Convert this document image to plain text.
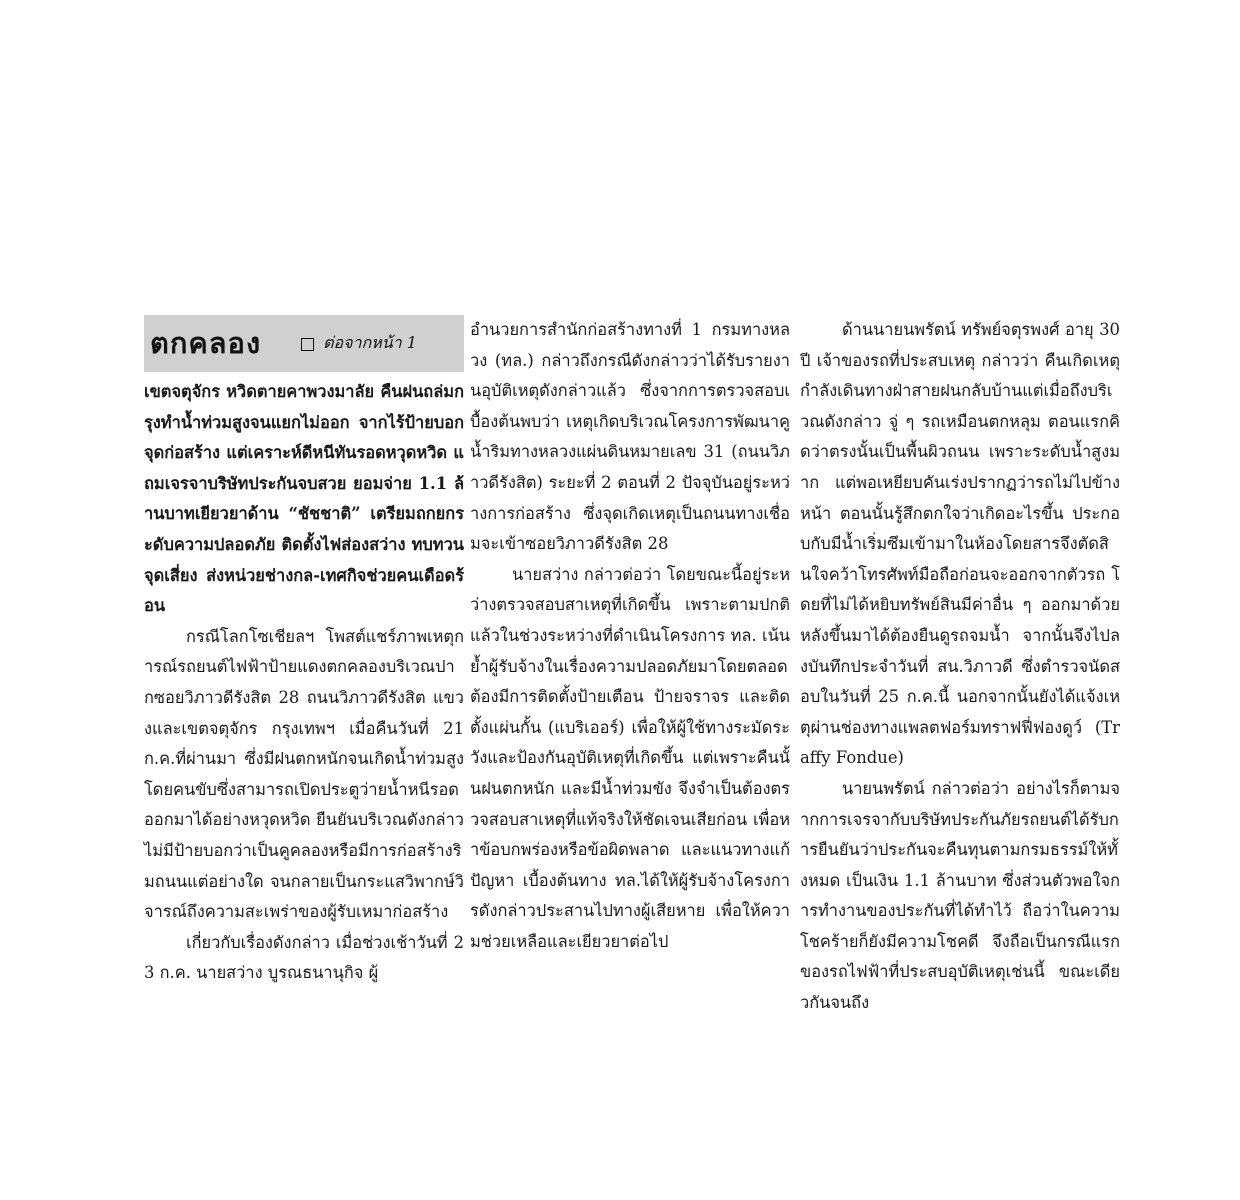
ตกคลอง	ต่อจากหน้า 1

เขตจตุจักร หวิดตายคาพวงมาลัย คืนฝนถล่มกรุงทำน้ำท่วมสูงจนแยกไม่ออก จากไร้ป้ายบอกจุดก่อสร้าง แต่เคราะห์ดีหนีทันรอดหวุดหวิด แถมเจรจาบริษัทประกันจบสวย ยอมจ่าย 1.1 ล้านบาทเยียวยาด้าน “ชัชชาติ” เตรียมถกยกระดับความปลอดภัย ติดตั้งไฟส่องสว่าง ทบทวนจุดเสี่ยง ส่งหน่วยช่างกล-เทศกิจช่วยคนเดือดร้อน

กรณีโลกโซเชียลฯ โพสต์แชร์ภาพเหตุการณ์รถยนต์ไฟฟ้าป้ายแดงตกคลองบริเวณปากซอยวิภาวดีรังสิต 28 ถนนวิภาวดีรังสิต แขวงและเขตจตุจักร กรุงเทพฯ เมื่อคืนวันที่ 21 ก.ค.ที่ผ่านมา ซึ่งมีฝนตกหนักจนเกิดน้ำท่วมสูง โดยคนขับซึ่งสามารถเปิดประตูว่ายน้ำหนีรอดออกมาได้อย่างหวุดหวิด ยืนยันบริเวณดังกล่าวไม่มีป้ายบอกว่าเป็นคูคลองหรือมีการก่อสร้างริมถนนแต่อย่างใด จนกลายเป็นกระแสวิพากษ์วิจารณ์ถึงความสะเพร่าของผู้รับเหมาก่อสร้าง

เกี่ยวกับเรื่องดังกล่าว เมื่อช่วงเช้าวันที่ 23 ก.ค. นายสว่าง บูรณธนานุกิจ ผู้

อำนวยการสำนักก่อสร้างทางที่ 1 กรมทางหลวง (ทล.) กล่าวถึงกรณีดังกล่าวว่าได้รับรายงานอุบัติเหตุดังกล่าวแล้ว ซึ่งจากการตรวจสอบเบื้องต้นพบว่า เหตุเกิดบริเวณโครงการพัฒนาคูน้ำริมทางหลวงแผ่นดินหมายเลข 31 (ถนนวิภาวดีรังสิต) ระยะที่ 2 ตอนที่ 2 ปัจจุบันอยู่ระหว่างการก่อสร้าง ซึ่งจุดเกิดเหตุเป็นถนนทางเชื่อมจะเข้าซอยวิภาวดีรังสิต 28

นายสว่าง กล่าวต่อว่า โดยขณะนี้อยู่ระหว่างตรวจสอบสาเหตุที่เกิดขึ้น เพราะตามปกติแล้วในช่วงระหว่างที่ดำเนินโครงการ ทล. เน้นย้ำผู้รับจ้างในเรื่องความปลอดภัยมาโดยตลอด ต้องมีการติดตั้งป้ายเตือน ป้ายจราจร และติดตั้งแผ่นกั้น (แบริเออร์) เพื่อให้ผู้ใช้ทางระมัดระวังและป้องกันอุบัติเหตุที่เกิดขึ้น แต่เพราะคืนนั้นฝนตกหนัก และมีน้ำท่วมขัง จึงจำเป็นต้องตรวจสอบสาเหตุที่แท้จริงให้ชัดเจนเสียก่อน เพื่อหาข้อบกพร่องหรือข้อผิดพลาด และแนวทางแก้ปัญหา เบื้องต้นทาง ทล.ได้ให้ผู้รับจ้างโครงการดังกล่าวประสานไปทางผู้เสียหาย เพื่อให้ความช่วยเหลือและเยียวยาต่อไป

ด้านนายนพรัตน์ ทรัพย์จตุรพงศ์ อายุ 30 ปี เจ้าของรถที่ประสบเหตุ กล่าวว่า คืนเกิดเหตุกำลังเดินทางฝ่าสายฝนกลับบ้านแต่เมื่อถึงบริเวณดังกล่าว จู่ ๆ รถเหมือนตกหลุม ตอนแรกคิดว่าตรงนั้นเป็นพื้นผิวถนน เพราะระดับน้ำสูงมาก แต่พอเหยียบคันเร่งปรากฏว่ารถไม่ไปข้างหน้า ตอนนั้นรู้สึกตกใจว่าเกิดอะไรขึ้น ประกอบกับมีน้ำเริ่มซึมเข้ามาในห้องโดยสารจึงตัดสินใจคว้าโทรศัพท์มือถือก่อนจะออกจากตัวรถ โดยที่ไม่ได้หยิบทรัพย์สินมีค่าอื่น ๆ ออกมาด้วย หลังขึ้นมาได้ต้องยืนดูรถจมน้ำ จากนั้นจึงไปลงบันทึกประจำวันที่ สน.วิภาวดี ซึ่งตำรวจนัดสอบในวันที่ 25 ก.ค.นี้ นอกจากนั้นยังได้แจ้งเหตุผ่านช่องทางแพลตฟอร์มทราฟฟี่ฟองดูว์ (Traffy Fondue)

นายนพรัตน์ กล่าวต่อว่า อย่างไรก็ตามจากการเจรจากับบริษัทประกันภัยรถยนต์ได้รับการยืนยันว่าประกันจะคืนทุนตามกรมธรรม์ให้ทั้งหมด เป็นเงิน 1.1 ล้านบาท ซึ่งส่วนตัวพอใจการทำงานของประกันที่ได้ทำไว้ ถือว่าในความโชคร้ายก็ยังมีความโชคดี จึงถือเป็นกรณีแรกของรถไฟฟ้าที่ประสบอุบัติเหตุเช่นนี้ ขณะเดียวกันจนถึง
